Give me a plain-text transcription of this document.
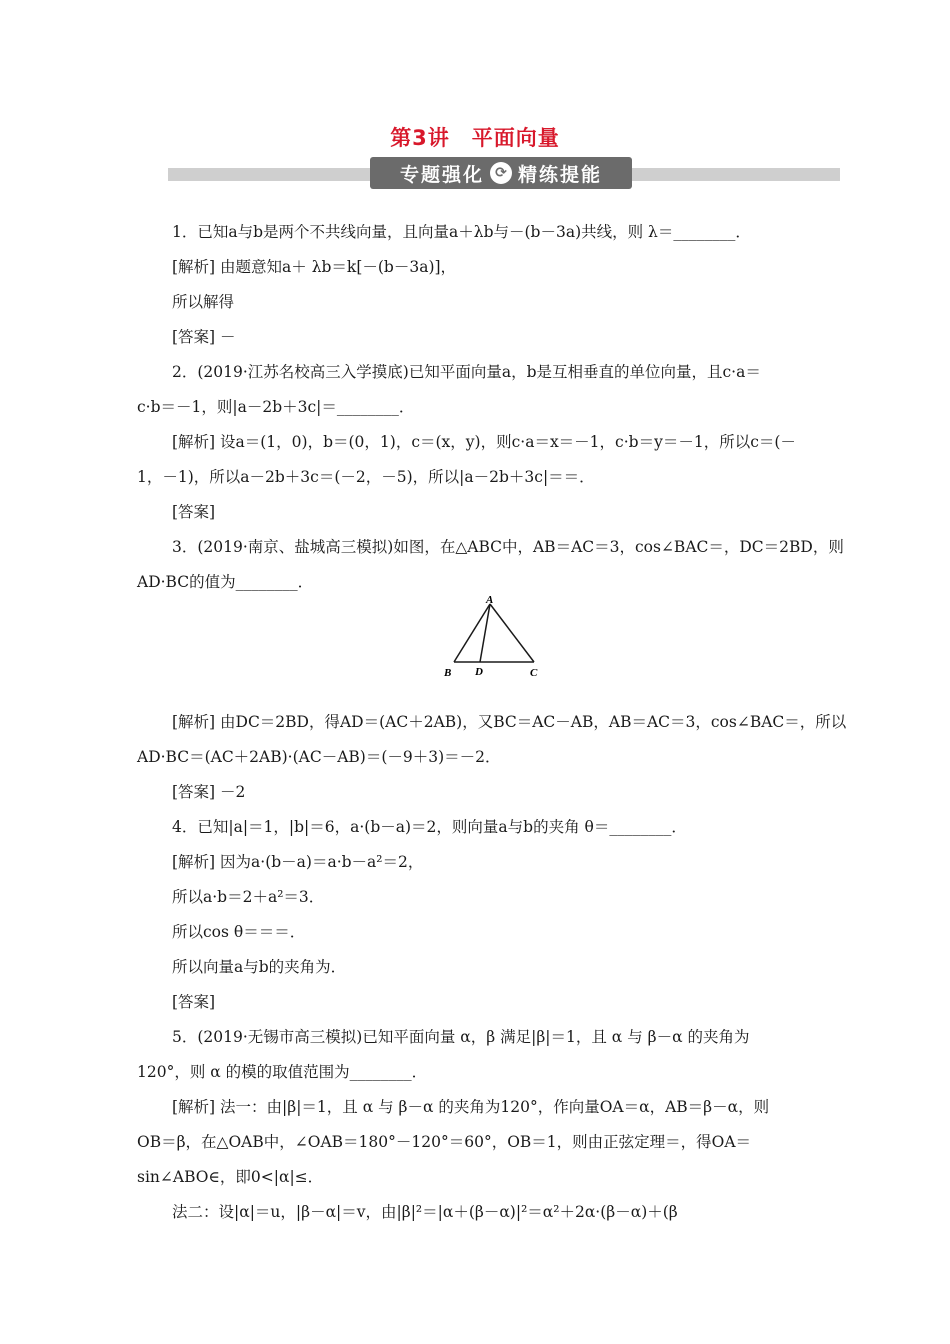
第3讲　平面向量
专题强化 ⟳ 精练提能
1．已知a与b是两个不共线向量，且向量a＋λb与－(b－3a)共线，则 λ＝________．
[解析] 由题意知a＋ λb＝k[－(b－3a)]，
所以解得
[答案] －
2．(2019·江苏名校高三入学摸底)已知平面向量a，b是互相垂直的单位向量，且c·a＝
c·b＝－1，则|a－2b＋3c|＝________．
[解析] 设a＝(1，0)，b＝(0，1)，c＝(x，y)，则c·a＝x＝－1，c·b＝y＝－1，所以c＝(－
1，－1)，所以a－2b＋3c＝(－2，－5)，所以|a－2b＋3c|＝＝．
[答案]
3．(2019·南京、盐城高三模拟)如图，在△ABC中，AB＝AC＝3，cos∠BAC＝，DC＝2BD，则
AD·BC的值为________．
[解析] 由DC＝2BD，得AD＝(AC＋2AB)，又BC＝AC－AB，AB＝AC＝3，cos∠BAC＝，所以
AD·BC＝(AC＋2AB)·(AC－AB)＝(－9＋3)＝－2．
[答案] －2
4．已知|a|＝1，|b|＝6，a·(b－a)＝2，则向量a与b的夹角 θ＝________．
[解析] 因为a·(b－a)＝a·b－a²＝2，
所以a·b＝2＋a²＝3．
所以cos θ＝＝＝．
所以向量a与b的夹角为．
[答案]
5．(2019·无锡市高三模拟)已知平面向量 α，β 满足|β|＝1，且 α 与 β－α 的夹角为
120°，则 α 的模的取值范围为________．
[解析] 法一：由|β|＝1，且 α 与 β－α 的夹角为120°，作向量OA＝α，AB＝β－α，则
OB＝β，在△OAB中，∠OAB＝180°－120°＝60°，OB＝1，则由正弦定理＝，得OA＝
sin∠ABO∈，即0<|α|≤．
法二：设|α|＝u，|β－α|＝v，由|β|²＝|α＋(β－α)|²＝α²＋2α·(β－α)＋(β
A
B D	C
